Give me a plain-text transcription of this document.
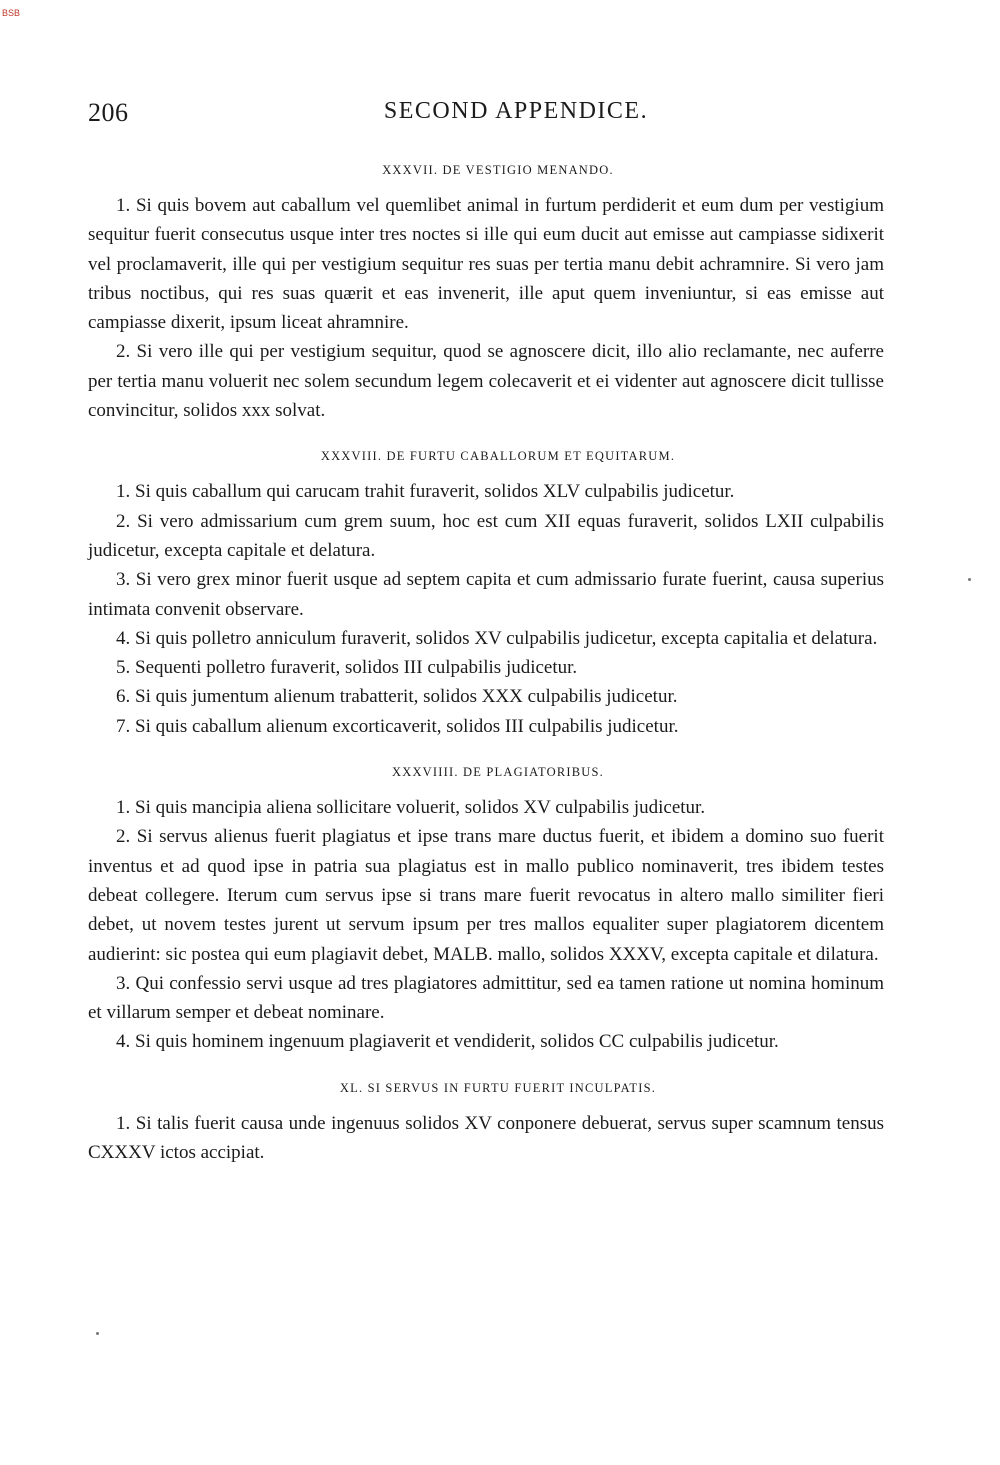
BSB
206	SECOND APPENDICE.
XXXVII. DE VESTIGIO MENANDO.

1. Si quis bovem aut caballum vel quemlibet animal in furtum perdiderit et eum dum per vestigium sequitur fuerit consecutus usque inter tres noctes si ille qui eum ducit aut emisse aut campiasse sidixerit vel proclamaverit, ille qui per vestigium sequitur res suas per tertia manu debit achramnire. Si vero jam tribus noctibus, qui res suas quærit et eas invenerit, ille aput quem inveniuntur, si eas emisse aut campiasse dixerit, ipsum liceat ahramnire.

2. Si vero ille qui per vestigium sequitur, quod se agnoscere dicit, illo alio reclamante, nec auferre per tertia manu voluerit nec solem secundum legem colecaverit et ei videnter aut agnoscere dicit tullisse convincitur, solidos xxx solvat.

XXXVIII. DE FURTU CABALLORUM ET EQUITARUM.

1. Si quis caballum qui carucam trahit furaverit, solidos XLV culpabilis judicetur.

2. Si vero admissarium cum grem suum, hoc est cum XII equas furaverit, solidos LXII culpabilis judicetur, excepta capitale et delatura.

3. Si vero grex minor fuerit usque ad septem capita et cum admissario furate fuerint, causa superius intimata convenit observare.

4. Si quis polletro anniculum furaverit, solidos XV culpabilis judicetur, excepta capitalia et delatura.

5. Sequenti polletro furaverit, solidos III culpabilis judicetur.

6. Si quis jumentum alienum trabatterit, solidos XXX culpabilis judicetur.

7. Si quis caballum alienum excorticaverit, solidos III culpabilis judicetur.

XXXVIIII. DE PLAGIATORIBUS.

1. Si quis mancipia aliena sollicitare voluerit, solidos XV culpabilis judicetur.

2. Si servus alienus fuerit plagiatus et ipse trans mare ductus fuerit, et ibidem a domino suo fuerit inventus et ad quod ipse in patria sua plagiatus est in mallo publico nominaverit, tres ibidem testes debeat collegere. Iterum cum servus ipse si trans mare fuerit revocatus in altero mallo similiter fieri debet, ut novem testes jurent ut servum ipsum per tres mallos equaliter super plagiatorem dicentem audierint: sic postea qui eum plagiavit debet, MALB. mallo, solidos XXXV, excepta capitale et dilatura.

3. Qui confessio servi usque ad tres plagiatores admittitur, sed ea tamen ratione ut nomina hominum et villarum semper et debeat nominare.

4. Si quis hominem ingenuum plagiaverit et vendiderit, solidos CC culpabilis judicetur.

XL. SI SERVUS IN FURTU FUERIT INCULPATIS.

1. Si talis fuerit causa unde ingenuus solidos XV conponere debuerat, servus super scamnum tensus CXXXV ictos accipiat.
